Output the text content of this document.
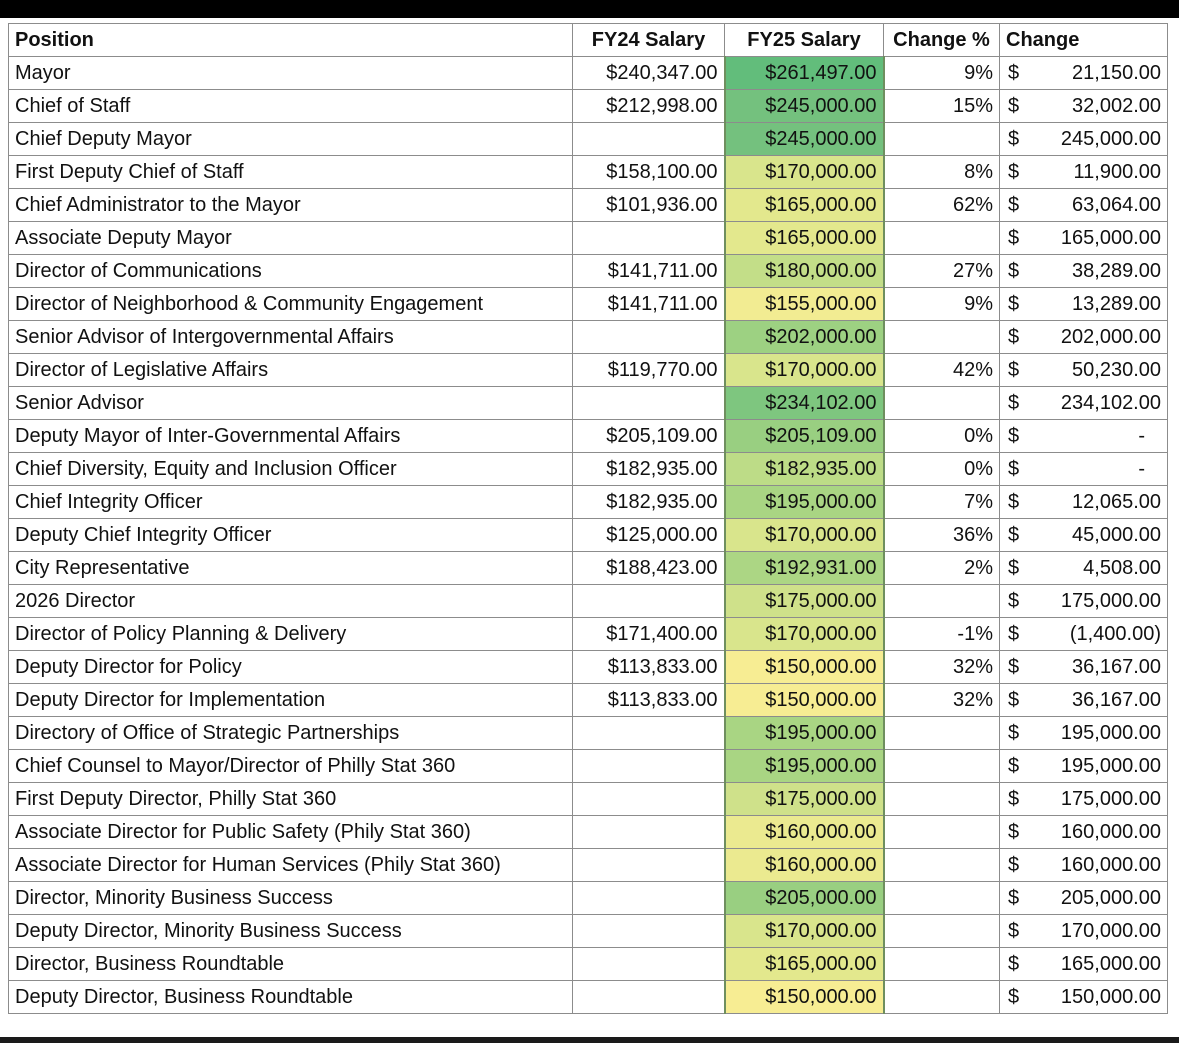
Position	FY24 Salary	FY25 Salary	Change %	Change
Mayor	$240,347.00	$261,497.00	9%	$ 21,150.00

Chief of Staff	$212,998.00	$245,000.00	15%	$ 32,002.00

Chief Deputy Mayor		$245,000.00		$ 245,000.00

First Deputy Chief of Staff	$158,100.00	$170,000.00	8%	$ 11,900.00

Chief Administrator to the Mayor	$101,936.00	$165,000.00	62%	$ 63,064.00

Associate Deputy Mayor		$165,000.00		$ 165,000.00

Director of Communications	$141,711.00	$180,000.00	27%	$ 38,289.00

Director of Neighborhood & Community Engagement	$141,711.00	$155,000.00	9%	$ 13,289.00

Senior Advisor of Intergovernmental Affairs		$202,000.00		$ 202,000.00

Director of Legislative Affairs	$119,770.00	$170,000.00	42%	$ 50,230.00

Senior Advisor		$234,102.00		$ 234,102.00

Deputy Mayor of Inter-Governmental Affairs	$205,109.00	$205,109.00	0%	$ -

Chief Diversity, Equity and Inclusion Officer	$182,935.00	$182,935.00	0%	$ -

Chief Integrity Officer	$182,935.00	$195,000.00	7%	$ 12,065.00

Deputy Chief Integrity Officer	$125,000.00	$170,000.00	36%	$ 45,000.00

City Representative	$188,423.00	$192,931.00	2%	$ 4,508.00

2026 Director		$175,000.00		$ 175,000.00

Director of Policy Planning & Delivery	$171,400.00	$170,000.00	-1%	$ (1,400.00)

Deputy Director for Policy	$113,833.00	$150,000.00	32%	$ 36,167.00

Deputy Director for Implementation	$113,833.00	$150,000.00	32%	$ 36,167.00

Directory of Office of Strategic Partnerships		$195,000.00		$ 195,000.00

Chief Counsel to Mayor/Director of Philly Stat 360		$195,000.00		$ 195,000.00

First Deputy Director, Philly Stat 360		$175,000.00		$ 175,000.00

Associate Director for Public Safety (Phily Stat 360)		$160,000.00		$ 160,000.00

Associate Director for Human Services (Phily Stat 360)		$160,000.00		$ 160,000.00

Director, Minority Business Success		$205,000.00		$ 205,000.00

Deputy Director, Minority Business Success		$170,000.00		$ 170,000.00

Director, Business Roundtable		$165,000.00		$ 165,000.00

Deputy Director, Business Roundtable		$150,000.00		$ 150,000.00
